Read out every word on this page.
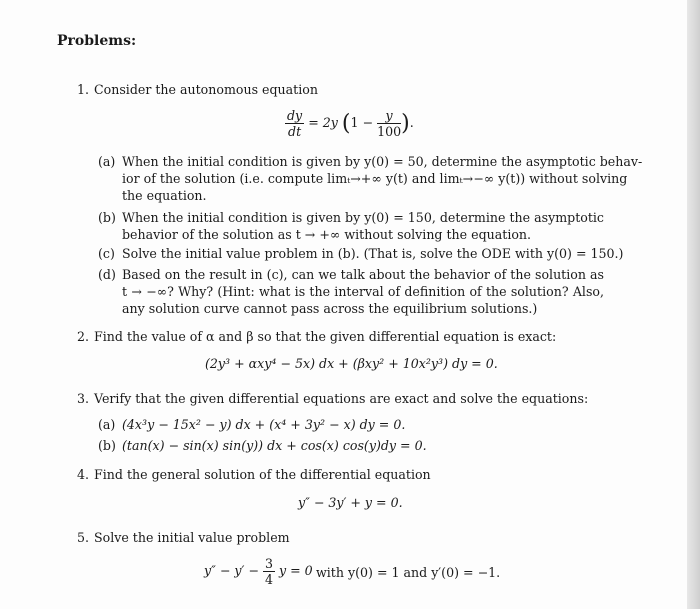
Problems:
1. Consider the autonomous equation
$\frac{dy}{dt} = 2y$ ($1 - \frac{y}{100}$ ).
(a) When the initial condition is given by y(0) = 50, determine the asymptotic behav-
ior of the solution (i.e. compute limₜ→+∞ y(t) and limₜ→−∞ y(t)) without solving
the equation.
(b) When the initial condition is given by y(0) = 150, determine the asymptotic
behavior of the solution as t → +∞ without solving the equation.
(c) Solve the initial value problem in (b). (That is, solve the ODE with y(0) = 150.)
(d) Based on the result in (c), can we talk about the behavior of the solution as
t → −∞? Why? (Hint: what is the interval of definition of the solution? Also,
any solution curve cannot pass across the equilibrium solutions.)
2. Find the value of α and β so that the given differential equation is exact:
(2y³ + αxy⁴ − 5x) dx + (βxy² + 10x²y³) dy = 0.
3. Verify that the given differential equations are exact and solve the equations:
(a) (4x³y − 15x² − y) dx + (x⁴ + 3y² − x) dy = 0.
(b) (tan(x) − sin(x) sin(y)) dx + cos(x) cos(y)dy = 0.
4. Find the general solution of the differential equation
y″ − 3y′ + y = 0.
5. Solve the initial value problem
$y'' - y' - \frac{3}{4}$ y = 0 with y(0) = 1 and y′(0) = −1.
